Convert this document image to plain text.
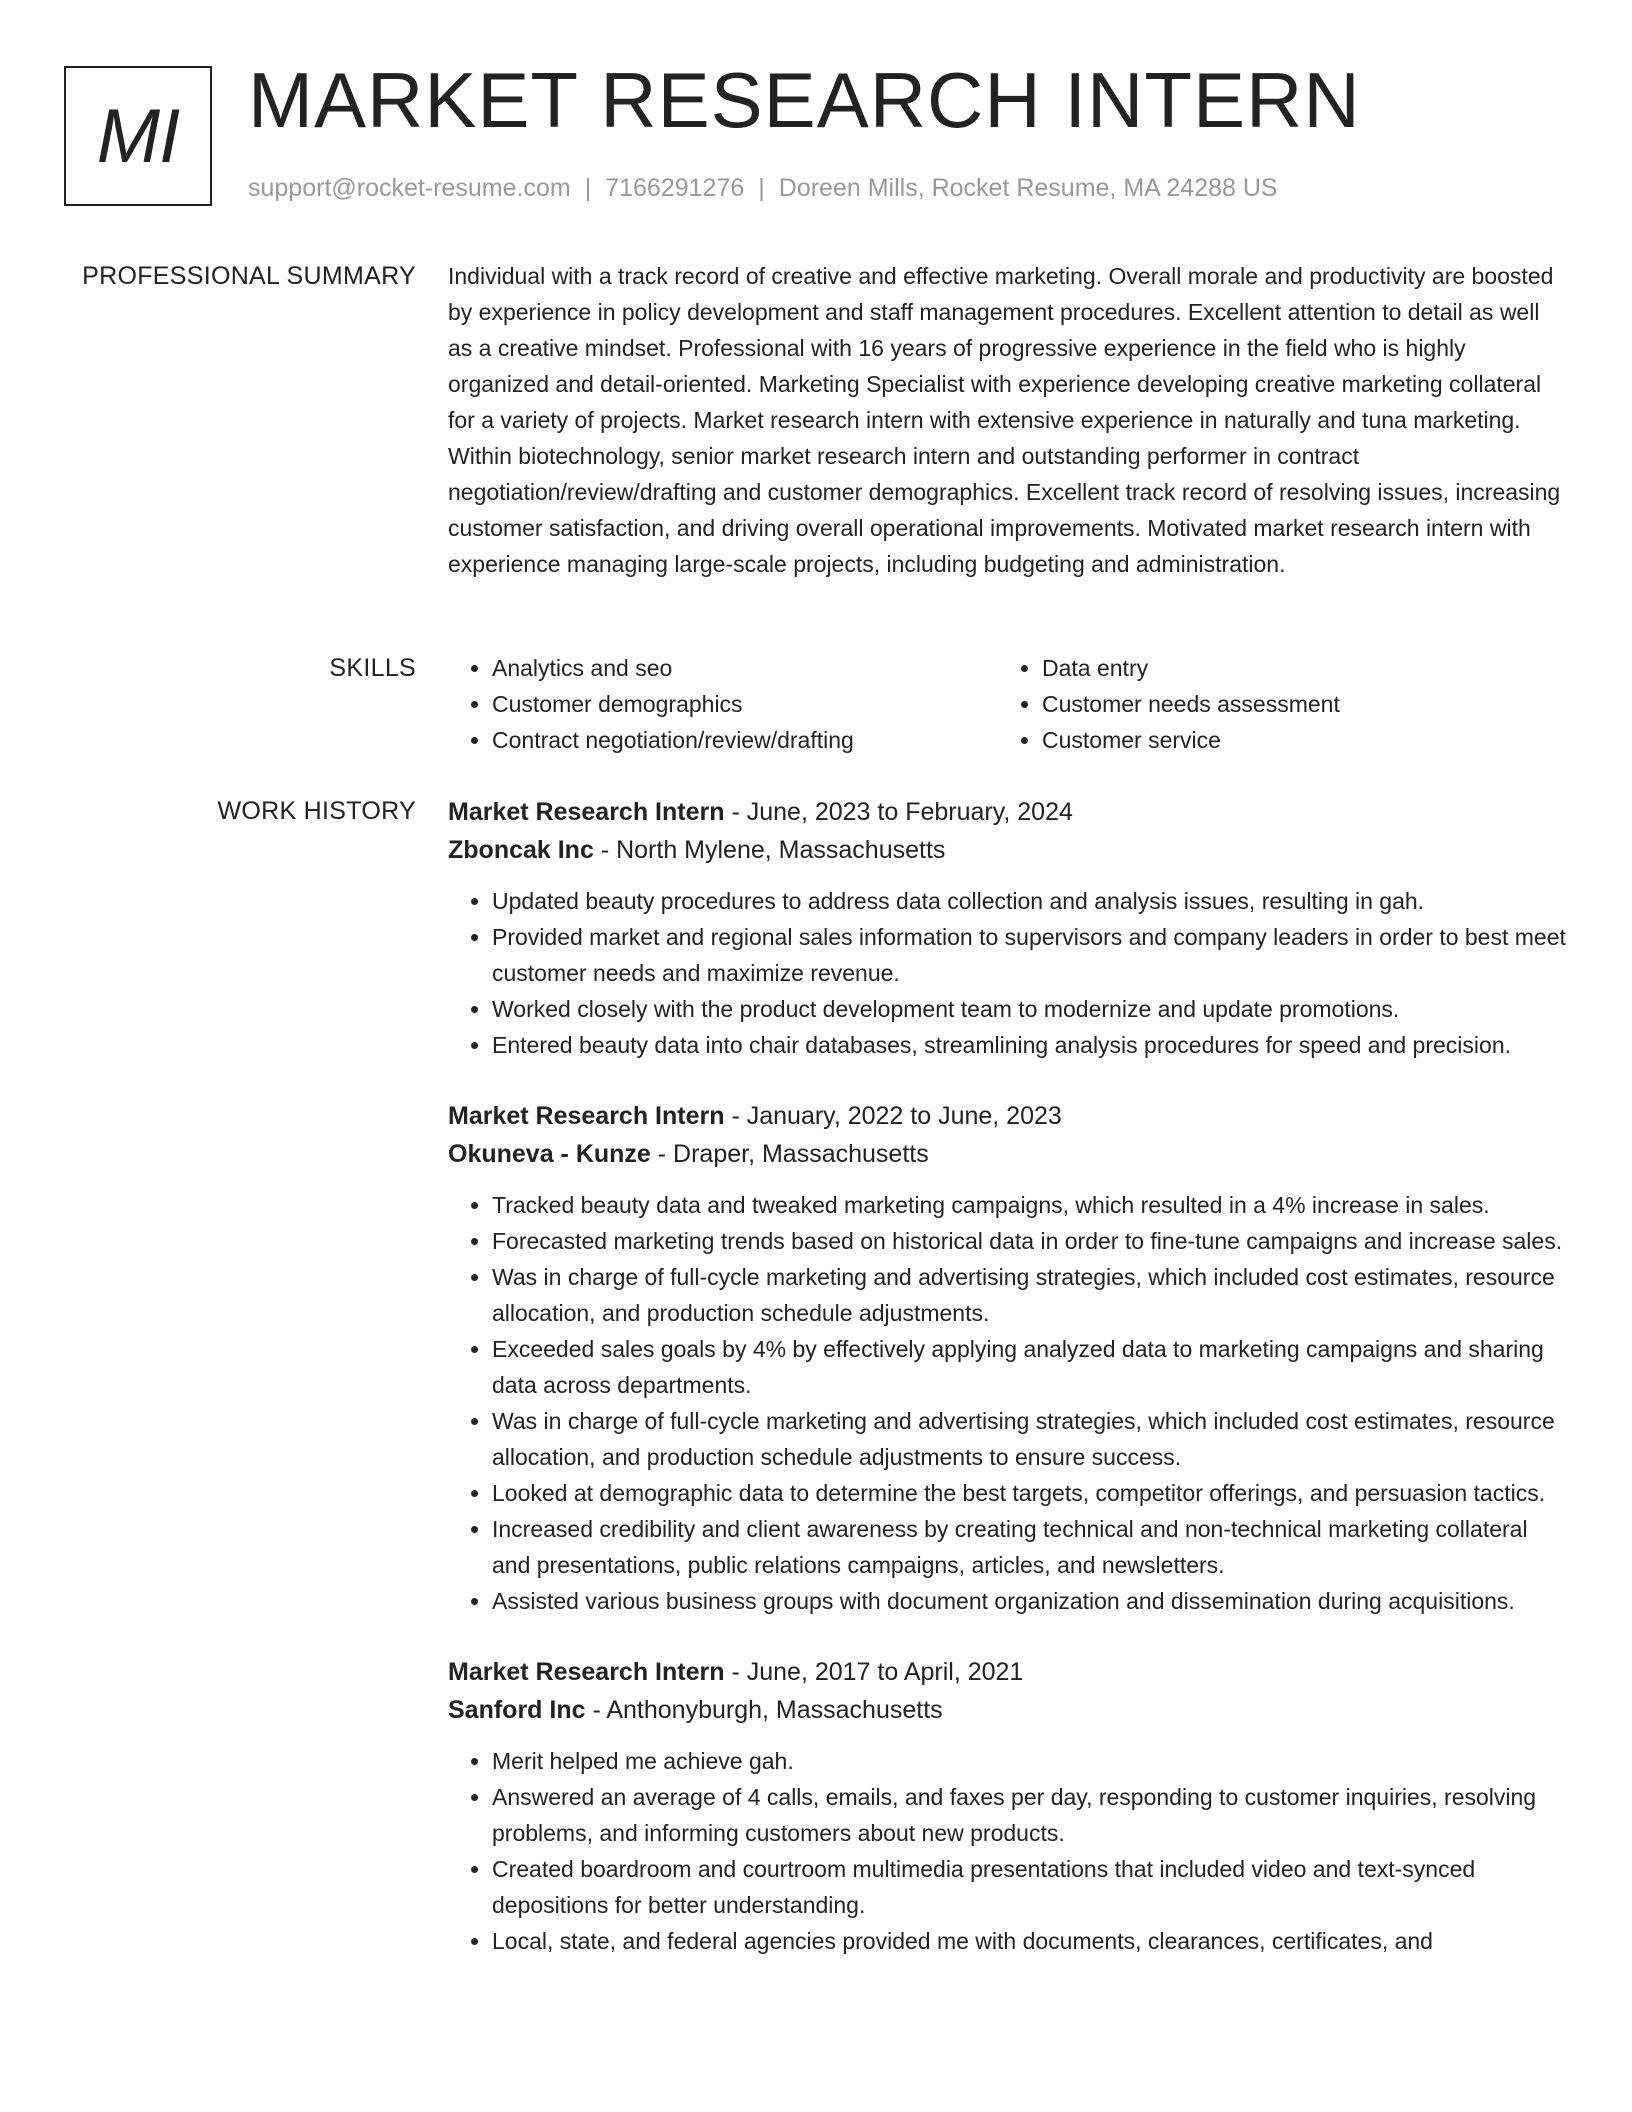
MI MARKET RESEARCH INTERN
support@rocket-resume.com | 7166291276 | Doreen Mills, Rocket Resume, MA 24288 US
PROFESSIONAL SUMMARY Individual with a track record of creative and effective marketing. Overall morale and productivity are boosted by experience in policy development and staff management procedures. Excellent attention to detail as well as a creative mindset. Professional with 16 years of progressive experience in the field who is highly organized and detail-oriented. Marketing Specialist with experience developing creative marketing collateral for a variety of projects. Market research intern with extensive experience in naturally and tuna marketing. Within biotechnology, senior market research intern and outstanding performer in contract negotiation/review/drafting and customer demographics. Excellent track record of resolving issues, increasing customer satisfaction, and driving overall operational improvements. Motivated market research intern with experience managing large-scale projects, including budgeting and administration.

SKILLS
•	Analytics and seo
• Customer demographics
• Contract negotiation/review/drafting
• Data entry
• Customer needs assessment
• Customer service
WORK HISTORY Market Research Intern - June, 2023 to February, 2024
Zboncak Inc - North Mylene, Massachusetts
• Updated beauty procedures to address data collection and analysis issues, resulting in gah.
• Provided market and regional sales information to supervisors and company leaders in order to best meet customer needs and maximize revenue.
• Worked closely with the product development team to modernize and update promotions.
• Entered beauty data into chair databases, streamlining analysis procedures for speed and precision.
Market Research Intern - January, 2022 to June, 2023
Okuneva - Kunze - Draper, Massachusetts
• Tracked beauty data and tweaked marketing campaigns, which resulted in a 4% increase in sales.
• Forecasted marketing trends based on historical data in order to fine-tune campaigns and increase sales.
• Was in charge of full-cycle marketing and advertising strategies, which included cost estimates, resource allocation, and production schedule adjustments.
• Exceeded sales goals by 4% by effectively applying analyzed data to marketing campaigns and sharing data across departments.
• Was in charge of full-cycle marketing and advertising strategies, which included cost estimates, resource allocation, and production schedule adjustments to ensure success.
• Looked at demographic data to determine the best targets, competitor offerings, and persuasion tactics.
• Increased credibility and client awareness by creating technical and non-technical marketing collateral and presentations, public relations campaigns, articles, and newsletters.
• Assisted various business groups with document organization and dissemination during acquisitions.
Market Research Intern - June, 2017 to April, 2021
Sanford Inc - Anthonyburgh, Massachusetts
• Merit helped me achieve gah.
• Answered an average of 4 calls, emails, and faxes per day, responding to customer inquiries, resolving problems, and informing customers about new products.
• Created boardroom and courtroom multimedia presentations that included video and text-synced depositions for better understanding.
• Local, state, and federal agencies provided me with documents, clearances, certificates, and
